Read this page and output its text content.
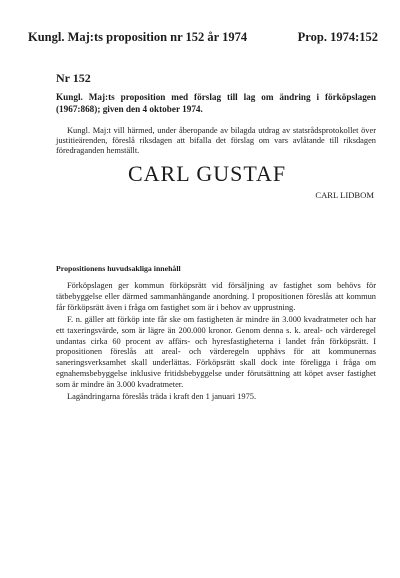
Kungl. Maj:ts proposition nr 152 år 1974	Prop. 1974:152
Nr 152
Kungl. Maj:ts proposition med förslag till lag om ändring i förköpslagen (1967:868); given den 4 oktober 1974.
Kungl. Maj:t vill härmed, under åberopande av bilagda utdrag av statsrådsprotokollet över justitieärenden, föreslå riksdagen att bifalla det förslag om vars avlåtande till riksdagen föredraganden hemställt.
CARL GUSTAF
CARL LIDBOM
Propositionens huvudsakliga innehåll

Förköpslagen ger kommun förköpsrätt vid försäljning av fastighet som behövs för tätbebyggelse eller därmed sammanhängande anordning. I propositionen föreslås att kommun får förköpsrätt även i fråga om fastighet som är i behov av upprustning.

F. n. gäller att förköp inte får ske om fastigheten är mindre än 3.000 kvadratmeter och har ett taxeringsvärde, som är lägre än 200.000 kronor. Genom denna s. k. areal- och värderegel undantas cirka 60 procent av affärs- och hyresfastigheterna i landet från förköpsrätt. I propositionen föreslås att areal- och värderegeln upphävs för att kommunernas saneringsverksamhet skall underlättas. Förköpsrätt skall dock inte föreligga i fråga om egnahemsbebyggelse inklusive fritidsbebyggelse under förutsättning att köpet avser fastighet som är mindre än 3.000 kvadratmeter.

Lagändringarna föreslås träda i kraft den 1 januari 1975.
